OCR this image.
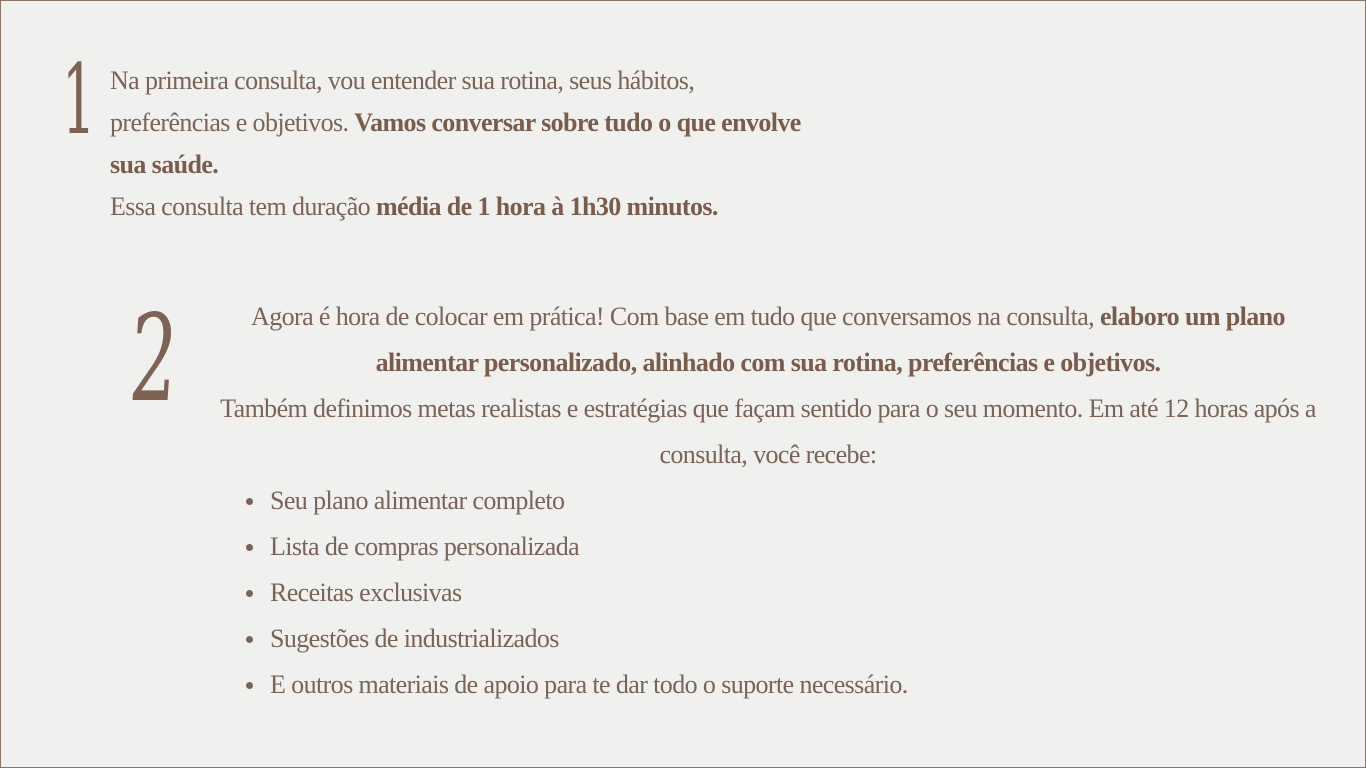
1 Na primeira consulta, vou entender sua rotina, seus hábitos,

preferências e objetivos. Vamos conversar sobre tudo o que envolve

sua saúde.

Essa consulta tem duração média de 1 hora à 1h30 minutos.

2	Agora é hora de colocar em prática! Com base em tudo que conversamos na consulta, elaboro um plano alimentar personalizado, alinhado com sua rotina, preferências e objetivos.

Também definimos metas realistas e estratégias que façam sentido para o seu momento. Em até 12 horas após a consulta, você recebe:

Seu plano alimentar completo
Lista de compras personalizada
Receitas exclusivas
Sugestões de industrializados
E outros materiais de apoio para te dar todo o suporte necessário.
